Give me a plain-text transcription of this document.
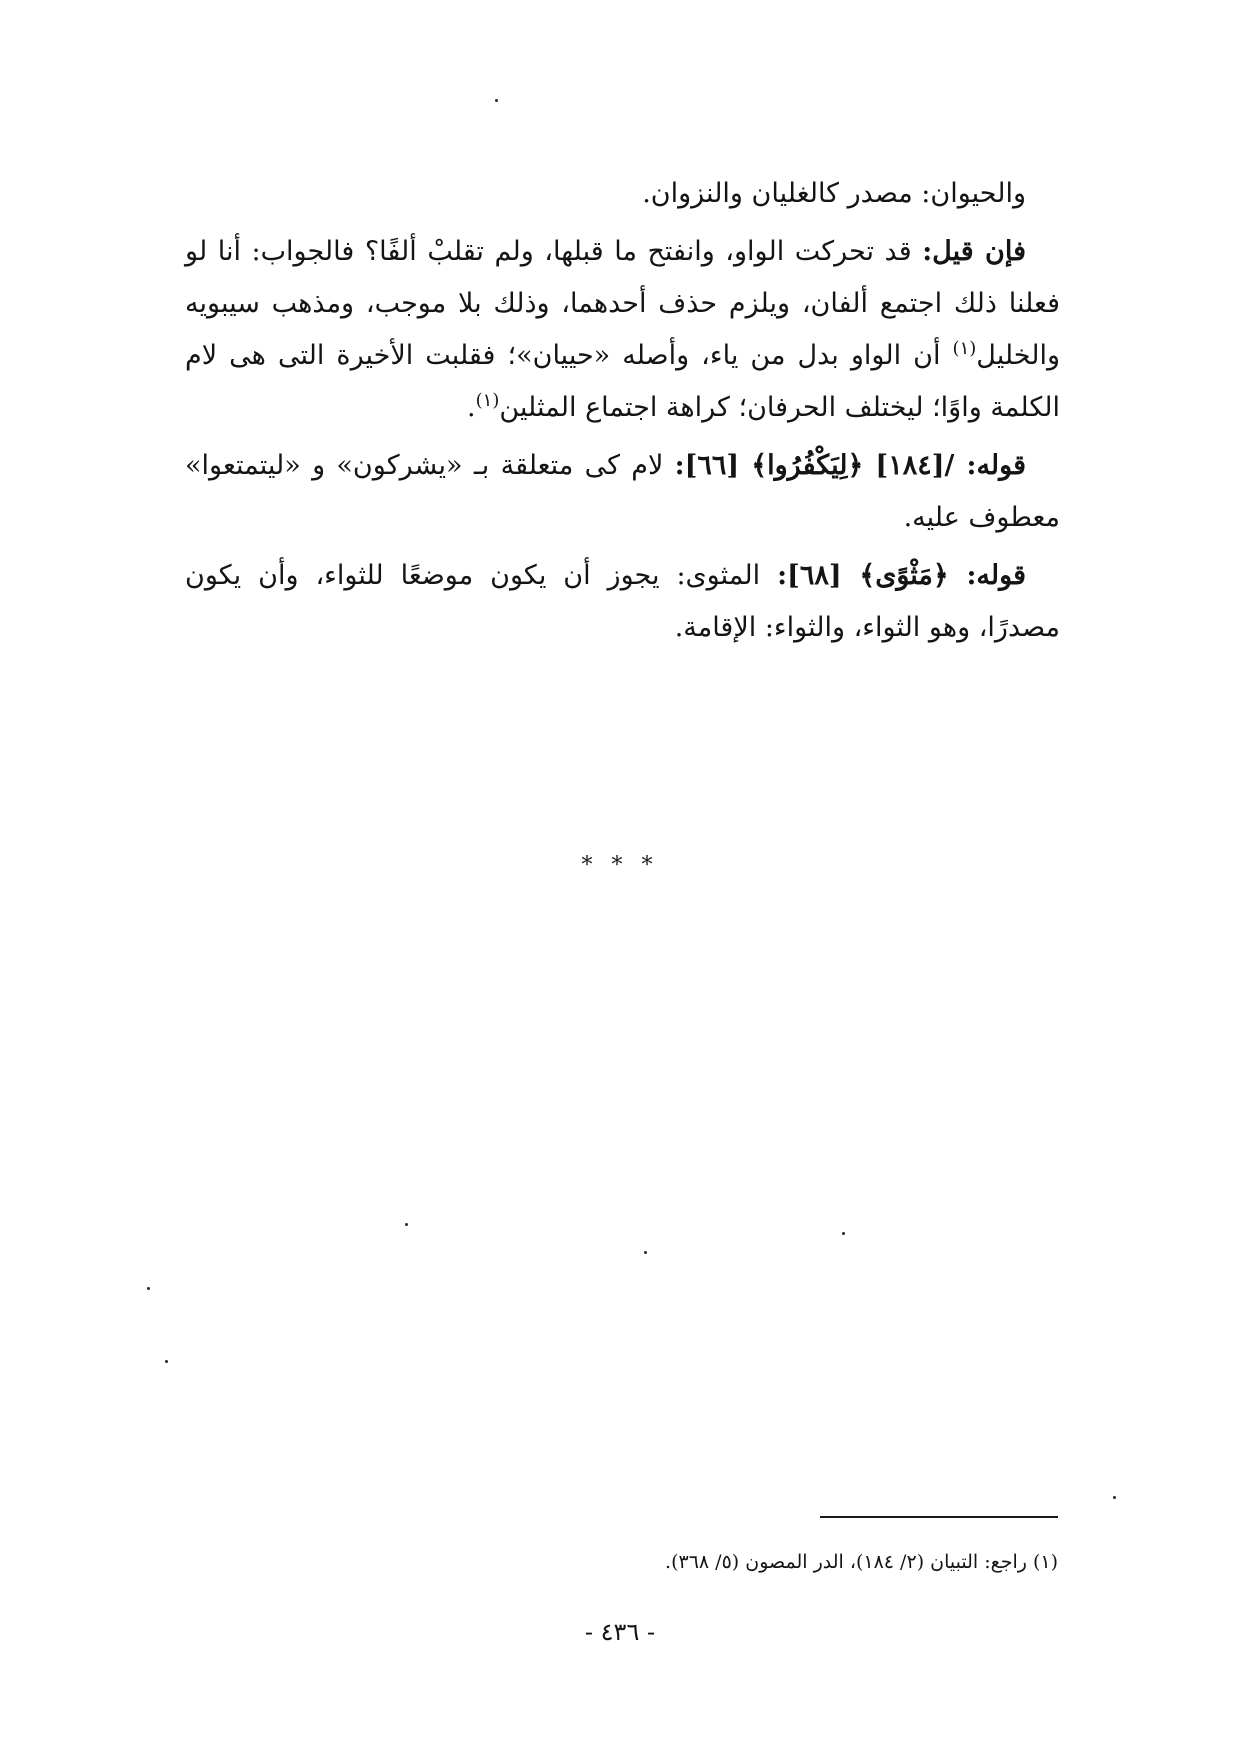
والحيوان: مصدر كالغليان والنزوان.

فإن قيل: قد تحركت الواو، وانفتح ما قبلها، ولم تقلبْ ألفًا؟ فالجواب: أنا لو فعلنا ذلك اجتمع ألفان، ويلزم حذف أحدهما، وذلك بلا موجب، ومذهب سيبويه والخليل$^{(١)}$ أن الواو بدل من ياء، وأصله «حييان»؛ فقلبت الأخيرة التى هى لام الكلمة واوًا؛ ليختلف الحرفان؛ كراهة اجتماع المثلين$^{(١)}$.

قوله: /[١٨٤] ﴿لِيَكْفُرُوا﴾ [٦٦]: لام كى متعلقة بـ «يشركون» و «ليتمتعوا» معطوف عليه.

قوله: ﴿مَثْوًى﴾ [٦٨]: المثوى: يجوز أن يكون موضعًا للثواء، وأن يكون مصدرًا، وهو الثواء، والثواء: الإقامة.

* * *
(١) راجع: التبيان (٢/ ١٨٤)، الدر المصون (٥/ ٣٦٨).
- ٤٣٦ -
